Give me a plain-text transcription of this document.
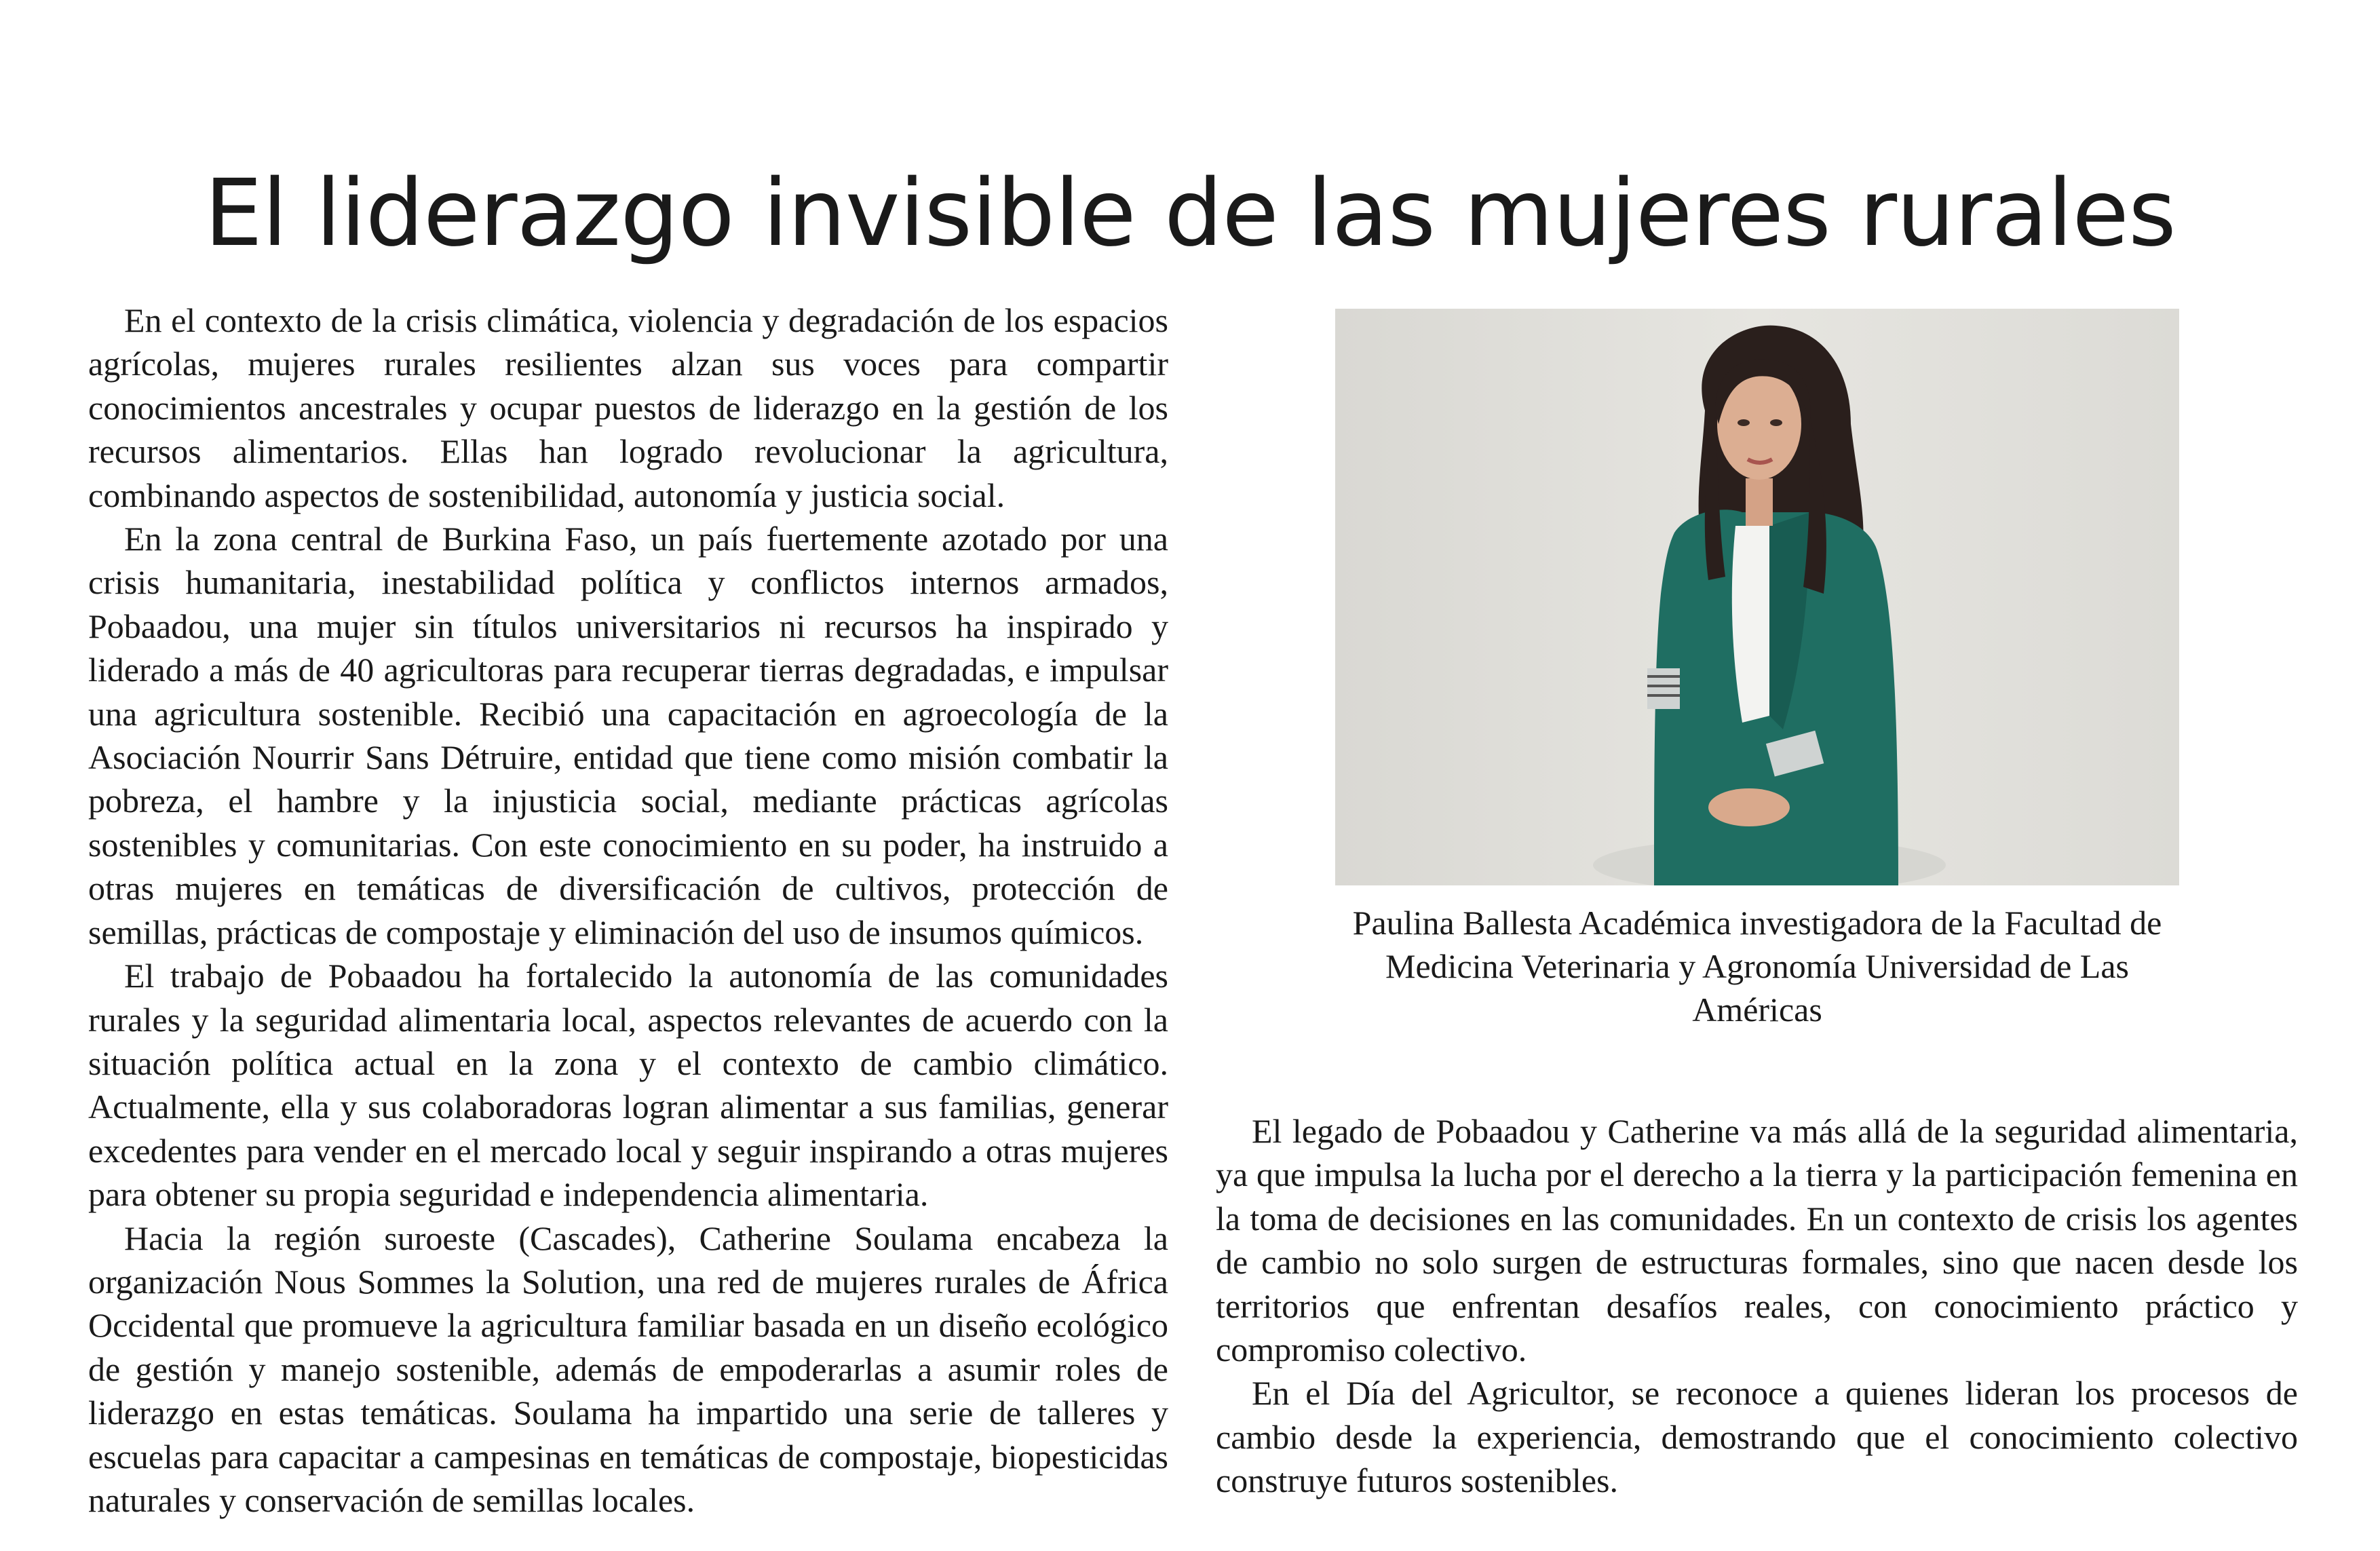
El liderazgo invisible de las mujeres rurales

En el contexto de la crisis climática, violencia y degradación de los espacios agrícolas, mujeres rurales resilientes alzan sus voces para compartir conocimientos ancestrales y ocupar puestos de liderazgo en la gestión de los recursos alimentarios. Ellas han logrado revolucionar la agricultura, combinando aspectos de sostenibilidad, autonomía y justicia social.

En la zona central de Burkina Faso, un país fuertemente azotado por una crisis humanitaria, inestabilidad política y conflictos internos armados, Pobaadou, una mujer sin títulos universitarios ni recursos ha inspirado y liderado a más de 40 agricultoras para recuperar tierras degradadas, e impulsar una agricultura sostenible. Recibió una capacitación en agroecología de la Asociación Nourrir Sans Détruire, entidad que tiene como misión combatir la pobreza, el hambre y la injusticia social, mediante prácticas agrícolas sostenibles y comunitarias. Con este conocimiento en su poder, ha instruido a otras mujeres en temáticas de diversificación de cultivos, protección de semillas, prácticas de compostaje y eliminación del uso de insumos químicos.

El trabajo de Pobaadou ha fortalecido la autonomía de las comunidades rurales y la seguridad alimentaria local, aspectos relevantes de acuerdo con la situación política actual en la zona y el contexto de cambio climático. Actualmente, ella y sus colaboradoras logran alimentar a sus familias, generar excedentes para vender en el mercado local y seguir inspirando a otras mujeres para obtener su propia seguridad e independencia alimentaria.

Hacia la región suroeste (Cascades), Catherine Soulama encabeza la organización Nous Sommes la Solution, una red de mujeres rurales de África Occidental que promueve la agricultura familiar basada en un diseño ecológico de gestión y manejo sostenible, además de empoderarlas a asumir roles de liderazgo en estas temáticas. Soulama ha impartido una serie de talleres y escuelas para capacitar a campesinas en temáticas de compostaje, biopesticidas naturales y conservación de semillas locales.

Paulina Ballesta Académica investigadora de la Facultad de Medicina Veterinaria y Agronomía Universidad de Las Américas

El legado de Pobaadou y Catherine va más allá de la seguridad alimentaria, ya que impulsa la lucha por el derecho a la tierra y la participación femenina en la toma de decisiones en las comunidades. En un contexto de crisis los agentes de cambio no solo surgen de estructuras formales, sino que nacen desde los territorios que enfrentan desafíos reales, con conocimiento práctico y compromiso colectivo.

En el Día del Agricultor, se reconoce a quienes lideran los procesos de cambio desde la experiencia, demostrando que el conocimiento colectivo construye futuros sostenibles.
